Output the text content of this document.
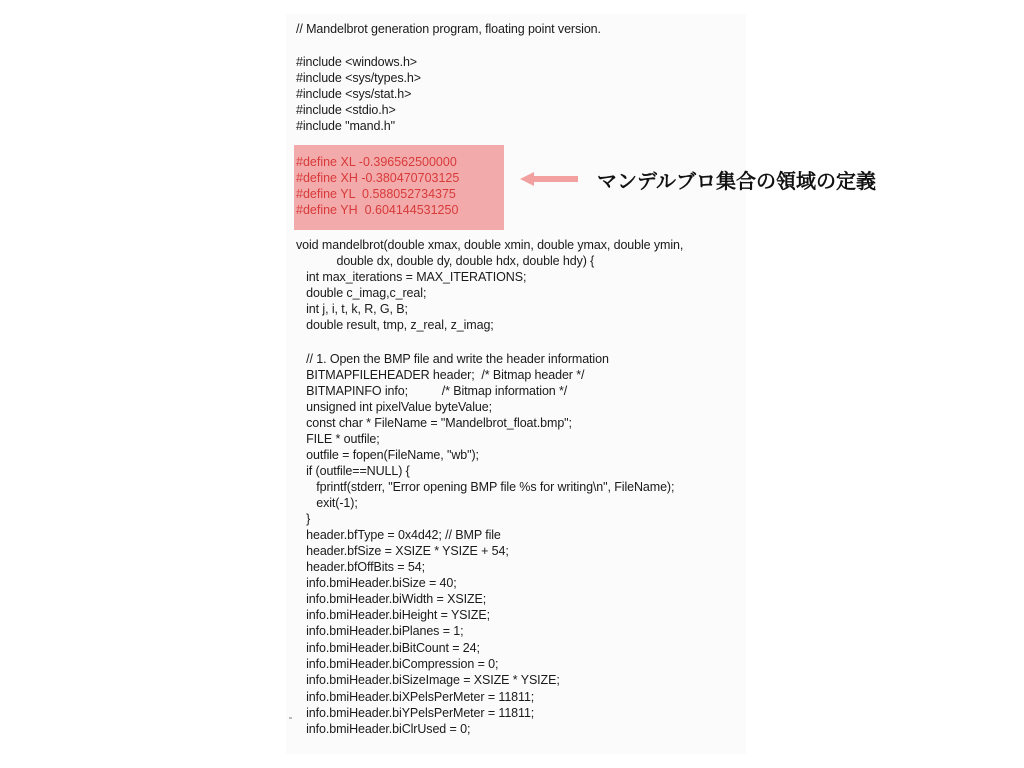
// Mandelbrot generation program, floating point version.
#include <windows.h>
#include <sys/types.h>
#include <sys/stat.h>
#include <stdio.h>
#include "mand.h"
#define XL -0.396562500000
#define XH -0.380470703125
#define YL  0.588052734375
#define YH  0.604144531250
マンデルブロ集合の領域の定義
void mandelbrot(double xmax, double xmin, double ymax, double ymin,
double dx, double dy, double hdx, double hdy) {
int max_iterations = MAX_ITERATIONS;
double c_imag,c_real;
int j, i, t, k, R, G, B;
double result, tmp, z_real, z_imag;
// 1. Open the BMP file and write the header information
BITMAPFILEHEADER header;  /* Bitmap header */
BITMAPINFO info;          /* Bitmap information */
unsigned int pixelValue byteValue;
const char * FileName = "Mandelbrot_float.bmp";
FILE * outfile;
outfile = fopen(FileName, "wb");
if (outfile==NULL) {
fprintf(stderr, "Error opening BMP file %s for writing\n", FileName);
exit(-1);
}
header.bfType = 0x4d42; // BMP file
header.bfSize = XSIZE * YSIZE + 54;
header.bfOffBits = 54;
info.bmiHeader.biSize = 40;
info.bmiHeader.biWidth = XSIZE;
info.bmiHeader.biHeight = YSIZE;
info.bmiHeader.biPlanes = 1;
info.bmiHeader.biBitCount = 24;
info.bmiHeader.biCompression = 0;
info.bmiHeader.biSizeImage = XSIZE * YSIZE;
info.bmiHeader.biXPelsPerMeter = 11811;
info.bmiHeader.biYPelsPerMeter = 11811;
info.bmiHeader.biClrUsed = 0;
